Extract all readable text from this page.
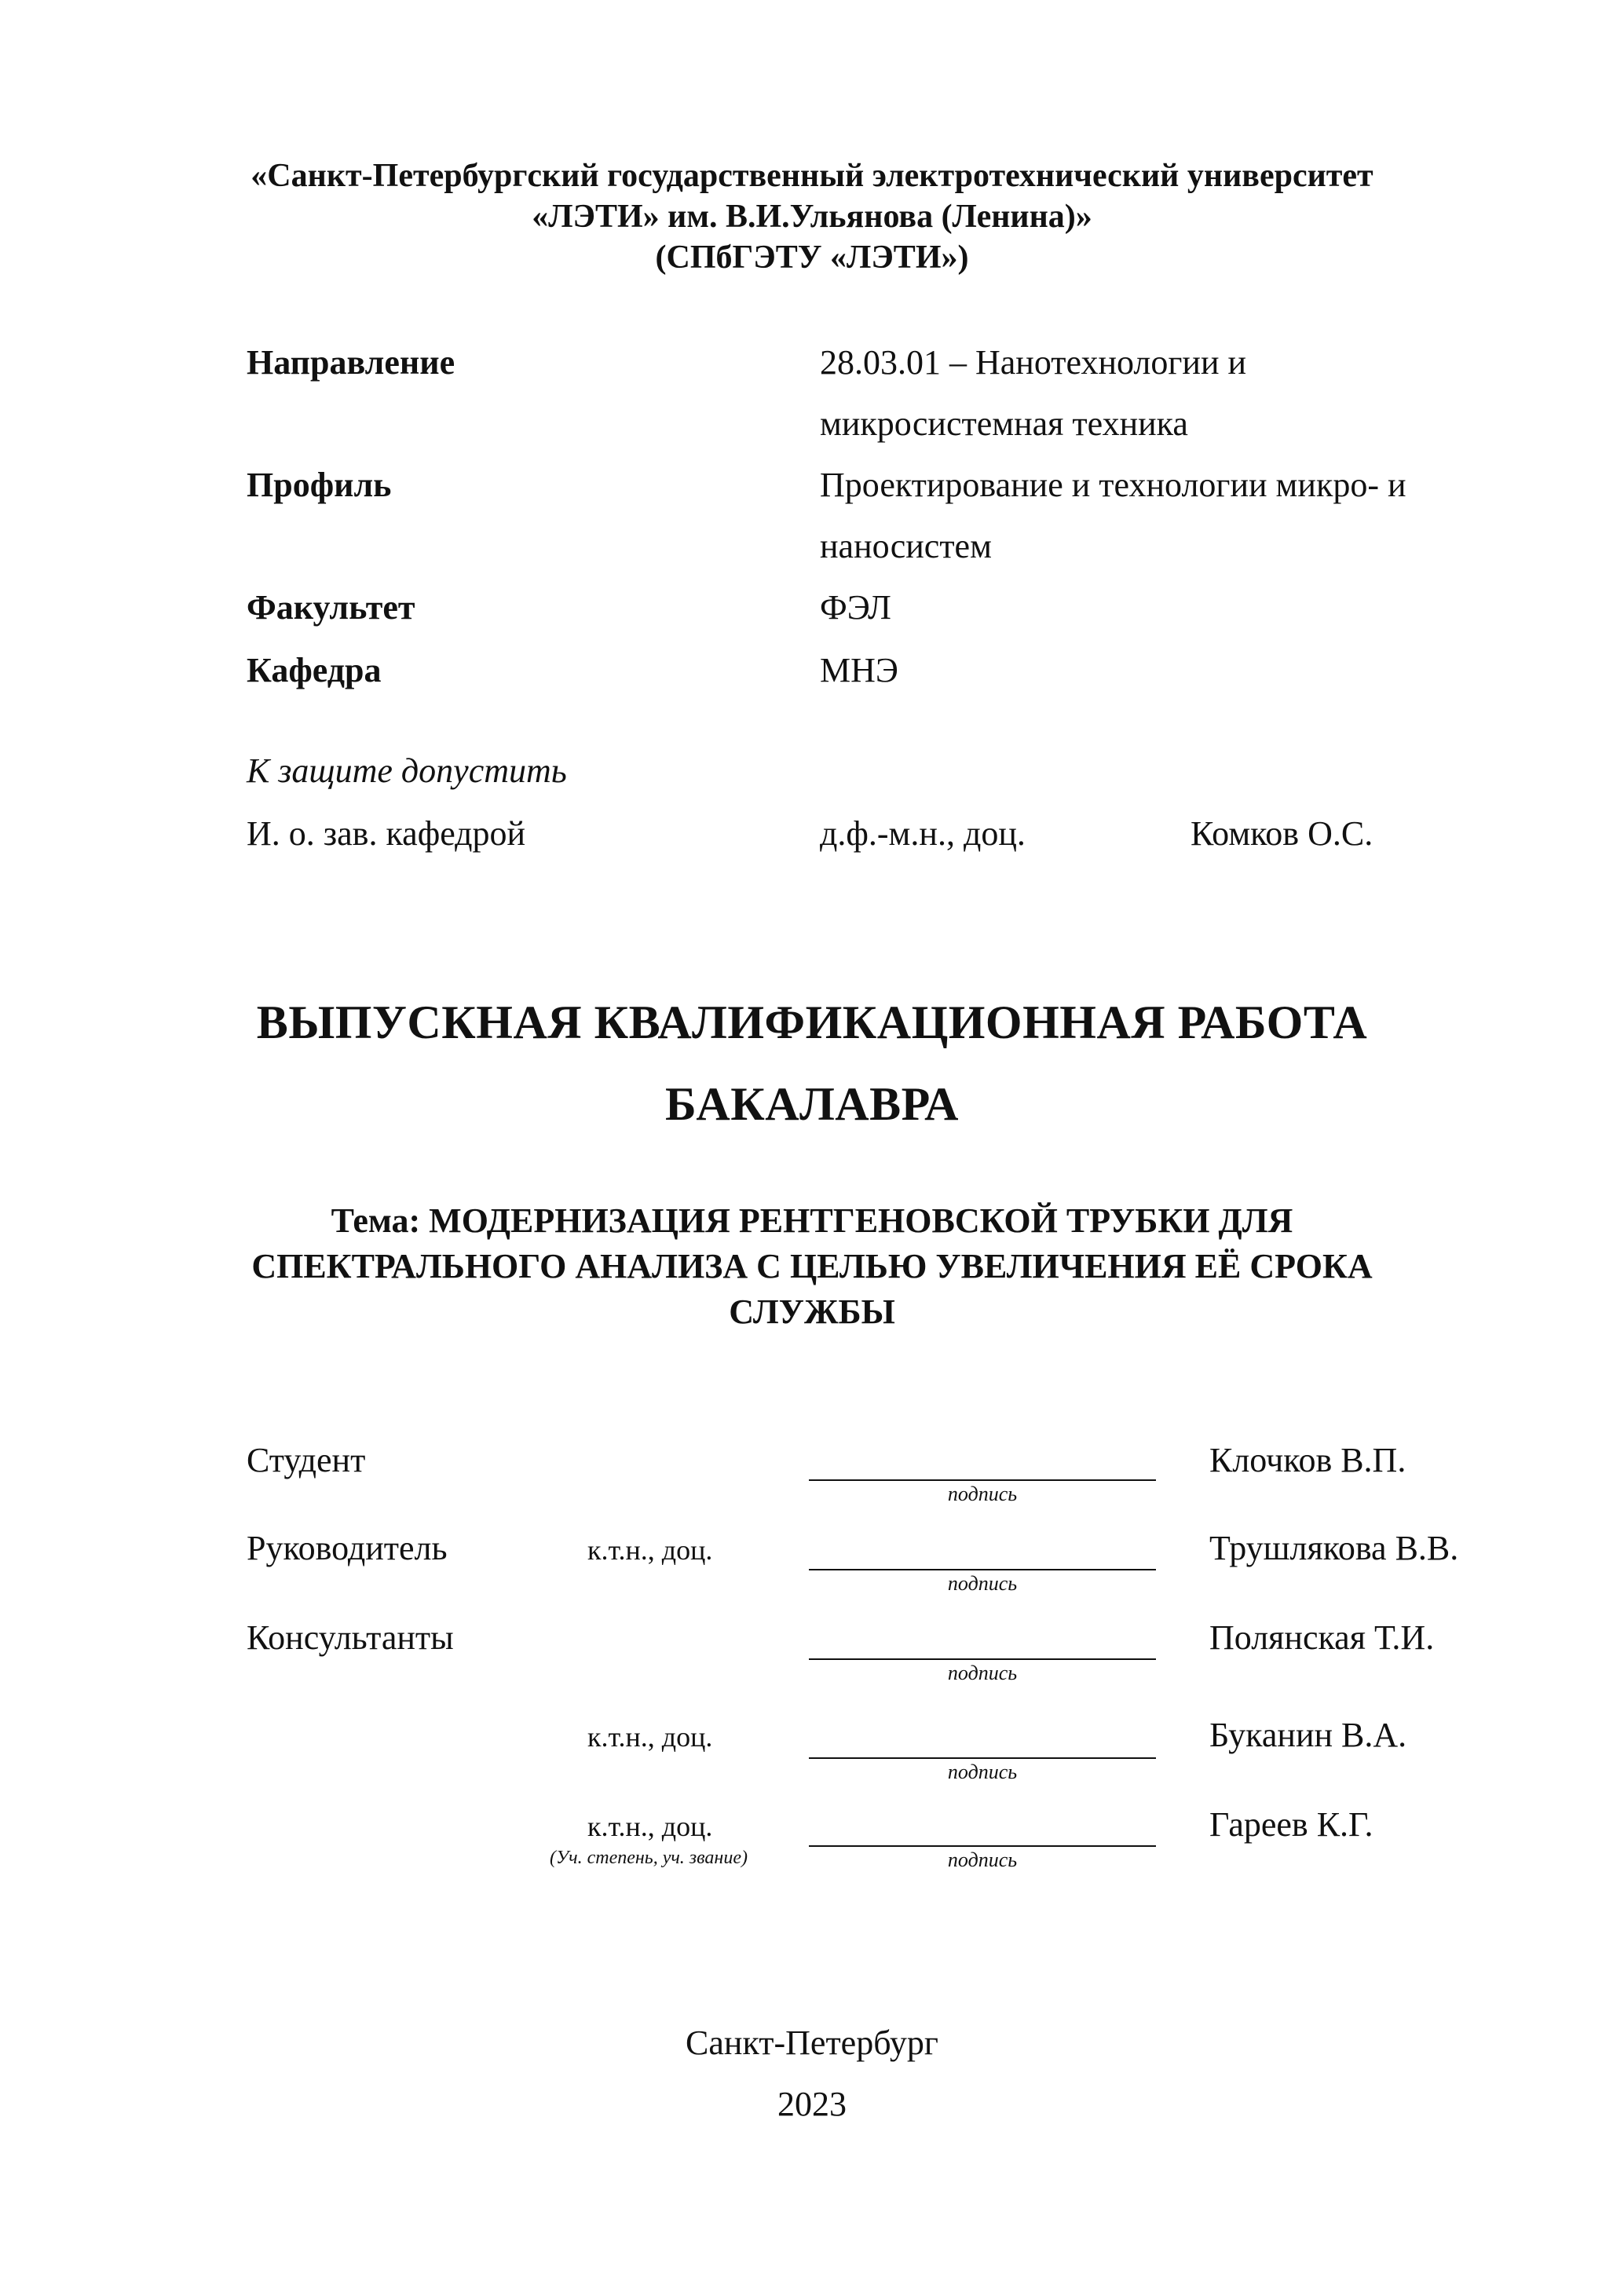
«Санкт-Петербургский государственный электротехнический университет
«ЛЭТИ» им. В.И.Ульянова (Ленина)»
(СПбГЭТУ «ЛЭТИ»)
Направление	28.03.01 – Нанотехнологии и
микросистемная техника
Профиль	Проектирование и технологии микро- и
наносистем
Факультет	ФЭЛ
Кафедра	МНЭ
К защите допустить
И. о. зав. кафедрой	д.ф.-м.н., доц.	Комков О.С.
ВЫПУСКНАЯ КВАЛИФИКАЦИОННАЯ РАБОТА
БАКАЛАВРА
Тема: МОДЕРНИЗАЦИЯ РЕНТГЕНОВСКОЙ ТРУБКИ ДЛЯ
СПЕКТРАЛЬНОГО АНАЛИЗА С ЦЕЛЬЮ УВЕЛИЧЕНИЯ ЕЁ СРОКА
СЛУЖБЫ
Студент	Клочков В.П.
подпись
Руководитель	к.т.н., доц.	Трушлякова В.В.
подпись
Консультанты	Полянская Т.И.
подпись
к.т.н., доц.	Буканин В.А.
подпись
к.т.н., доц.	Гареев К.Г.
(Уч. степень, уч. звание)	подпись
Санкт-Петербург
2023
